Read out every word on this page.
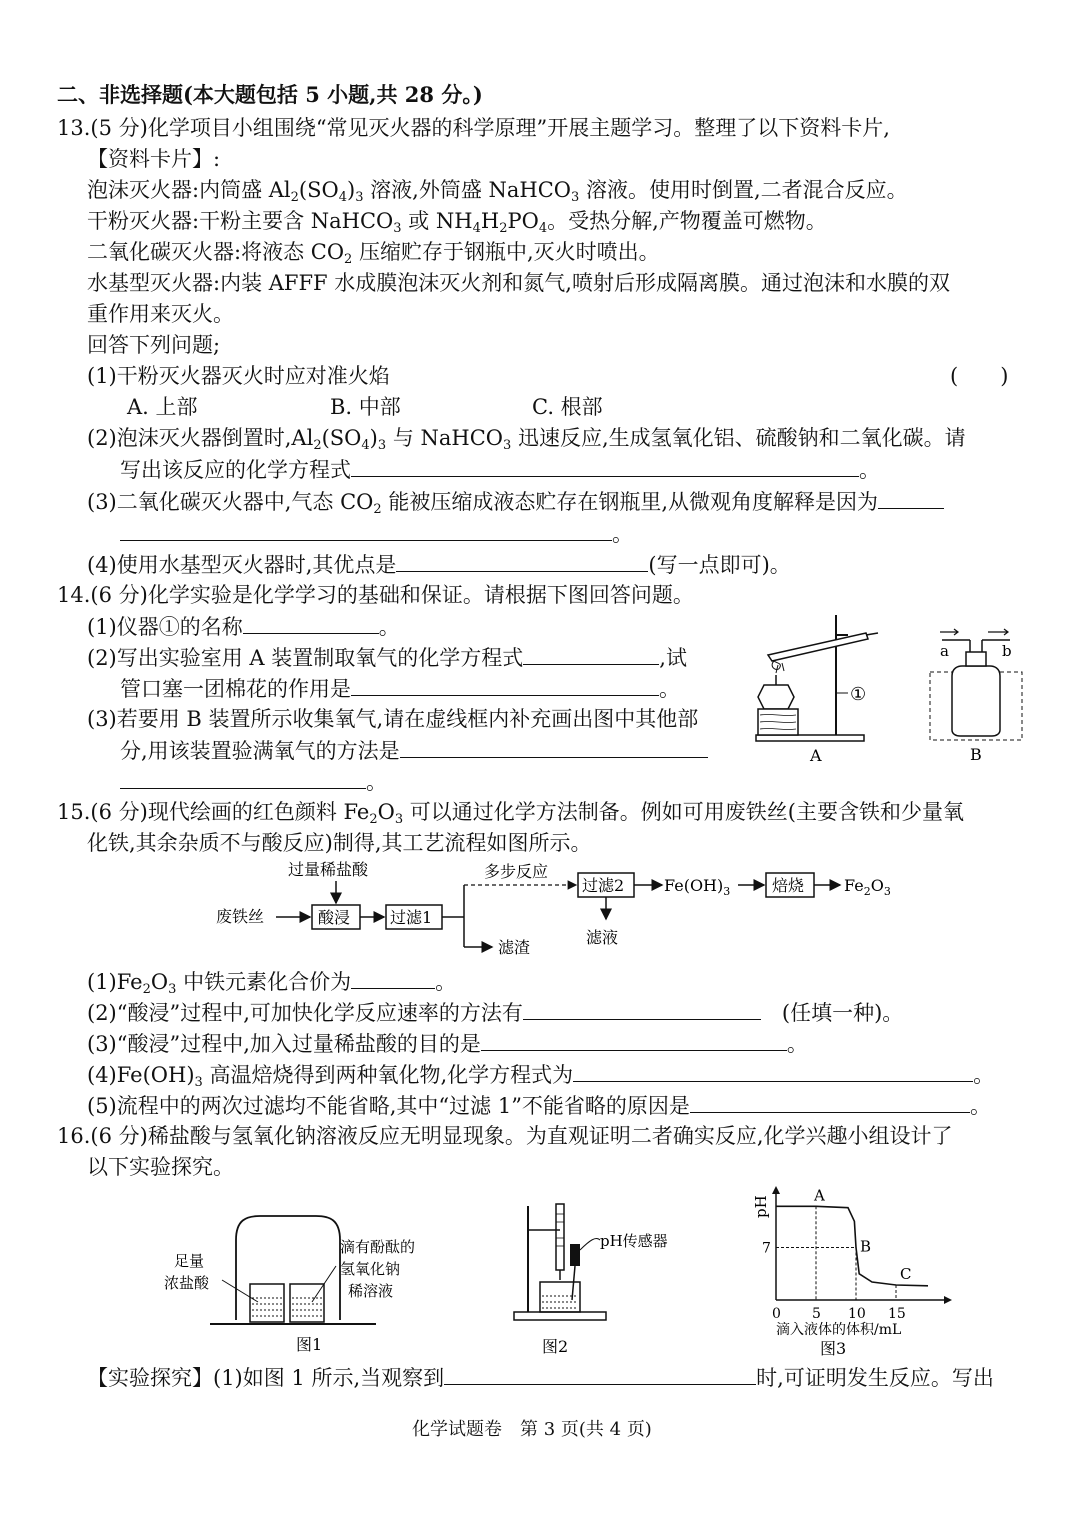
二、非选择题(本大题包括 5 小题,共 28 分。)
13.(5 分)化学项目小组围绕“常见灭火器的科学原理”开展主题学习。整理了以下资料卡片,
【资料卡片】:
泡沫灭火器:内筒盛 $Al_2(SO_4)_3$ 溶液,外筒盛 NaHCO$_3$ 溶液。使用时倒置,二者混合反应。
干粉灭火器:干粉主要含 NaHCO$_3$ 或 $NH_4H_2PO_4$。受热分解,产物覆盖可燃物。
二氧化碳灭火器:将液态 $CO_2$ 压缩贮存于钢瓶中,灭火时喷出。
水基型灭火器:内装 AFFF 水成膜泡沫灭火剂和氮气,喷射后形成隔离膜。通过泡沫和水膜的双
重作用来灭火。
回答下列问题;
(1)干粉灭火器灭火时应对准火焰	(　　)
A. 上部	B. 中部	C. 根部
(2)泡沫灭火器倒置时$,Al_2(SO_4)_3$ 与 NaHCO$_3$ 迅速反应,生成氢氧化铝、硫酸钠和二氧化碳。请
写出该反应的化学方程式	。
(3)二氧化碳灭火器中,气态 $CO_2$ 能被压缩成液态贮存在钢瓶里,从微观角度解释是因为
。
(4)使用水基型灭火器时,其优点是	(写一点即可)。
14.(6 分)化学实验是化学学习的基础和保证。请根据下图回答问题。
(1)仪器①的名称	。
(2)写出实验室用 A 装置制取氧气的化学方程式	,试
管口塞一团棉花的作用是	。
(3)若要用 B 装置所示收集氧气,请在虚线框内补充画出图中其他部
分,用该装置验满氧气的方法是
。
①
A
a	b
B
15.(6 分)现代绘画的红色颜料 $Fe_2O_3$ 可以通过化学方法制备。例如可用废铁丝(主要含铁和少量氧
化铁,其余杂质不与酸反应)制得,其工艺流程如图所示。
过量稀盐酸
废铁丝	酸浸 过滤1
多步反应
滤渣
过滤2
滤液
$Fe(OH)_3$	焙烧 $Fe_2O_3$
$(1)Fe_2O_3$ 中铁元素化合价为	。
(2)“酸浸”过程中,可加快化学反应速率的方法有　	(任填一种)。
(3)“酸浸”过程中,加入过量稀盐酸的目的是	。
$(4)Fe(OH)_3$ 高温焙烧得到两种氧化物,化学方程式为	。
(5)流程中的两次过滤均不能省略,其中“过滤 1”不能省略的原因是	。
16.(6 分)稀盐酸与氢氧化钠溶液反应无明显现象。为直观证明二者确实反应,化学兴趣小组设计了
以下实验探究。
足量
浓盐酸
滴有酚酞的
氢氧化钠
稀溶液
图1
pH传感器
图2
pH
0 5 10 15
7
A
B
C
滴入液体的体积/mL
图3
【实验探究】(1)如图 1 所示,当观察到	时,可证明发生反应。写出
化学试题卷　第 3 页(共 4 页)
